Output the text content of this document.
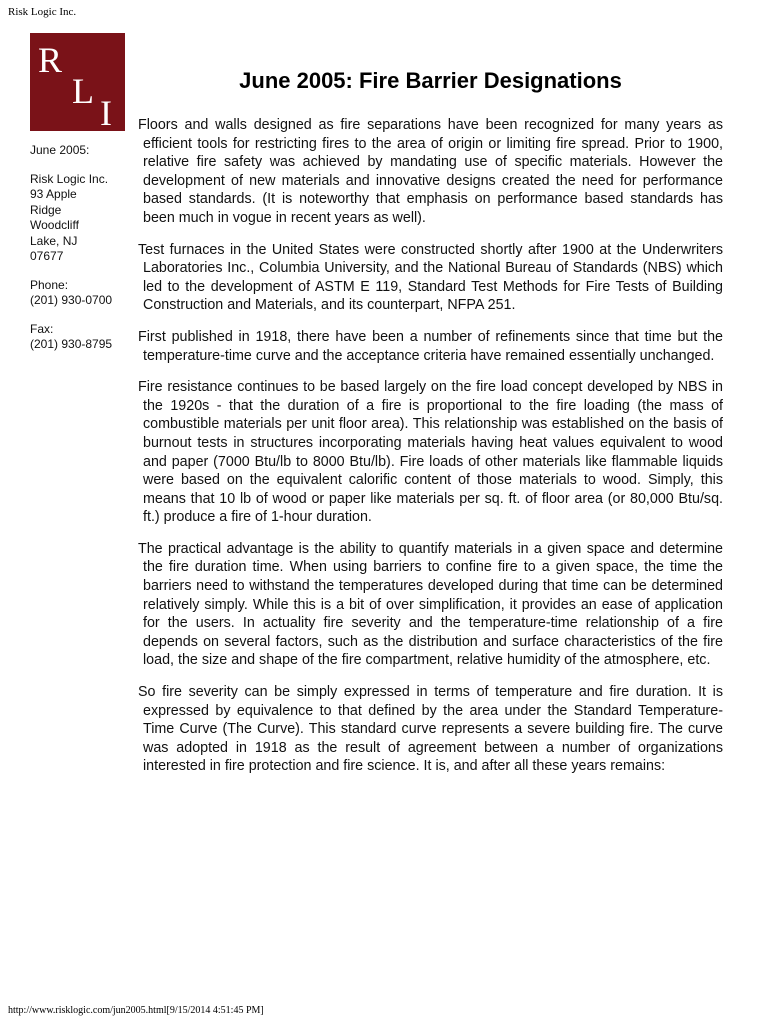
Risk Logic Inc.
R
L
I

June 2005:

Risk Logic Inc.
93 Apple
Ridge
Woodcliff
Lake, NJ
07677

Phone:
(201) 930-0700

Fax:
(201) 930-8795

June 2005: Fire Barrier Designations

Floors and walls designed as fire separations have been recognized for many years as efficient tools for restricting fires to the area of origin or limiting fire spread. Prior to 1900, relative fire safety was achieved by mandating use of specific materials. However the development of new materials and innovative designs created the need for performance based standards. (It is noteworthy that emphasis on performance based standards has been much in vogue in recent years as well).

Test furnaces in the United States were constructed shortly after 1900 at the Underwriters Laboratories Inc., Columbia University, and the National Bureau of Standards (NBS) which led to the development of ASTM E 119, Standard Test Methods for Fire Tests of Building Construction and Materials, and its counterpart, NFPA 251.

First published in 1918, there have been a number of refinements since that time but the temperature-time curve and the acceptance criteria have remained essentially unchanged.

Fire resistance continues to be based largely on the fire load concept developed by NBS in the 1920s - that the duration of a fire is proportional to the fire loading (the mass of combustible materials per unit floor area). This relationship was established on the basis of burnout tests in structures incorporating materials having heat values equivalent to wood and paper (7000 Btu/lb to 8000 Btu/lb). Fire loads of other materials like flammable liquids were based on the equivalent calorific content of those materials to wood. Simply, this means that 10 lb of wood or paper like materials per sq. ft. of floor area (or 80,000 Btu/sq. ft.) produce a fire of 1-hour duration.

The practical advantage is the ability to quantify materials in a given space and determine the fire duration time. When using barriers to confine fire to a given space, the time the barriers need to withstand the temperatures developed during that time can be determined relatively simply. While this is a bit of over simplification, it provides an ease of application for the users. In actuality fire severity and the temperature-time relationship of a fire depends on several factors, such as the distribution and surface characteristics of the fire load, the size and shape of the fire compartment, relative humidity of the atmosphere, etc.

So fire severity can be simply expressed in terms of temperature and fire duration. It is expressed by equivalence to that defined by the area under the Standard Temperature-Time Curve (The Curve). This standard curve represents a severe building fire. The curve was adopted in 1918 as the result of agreement between a number of organizations interested in fire protection and fire science. It is, and after all these years remains:

http://www.risklogic.com/jun2005.html[9/15/2014 4:51:45 PM]
